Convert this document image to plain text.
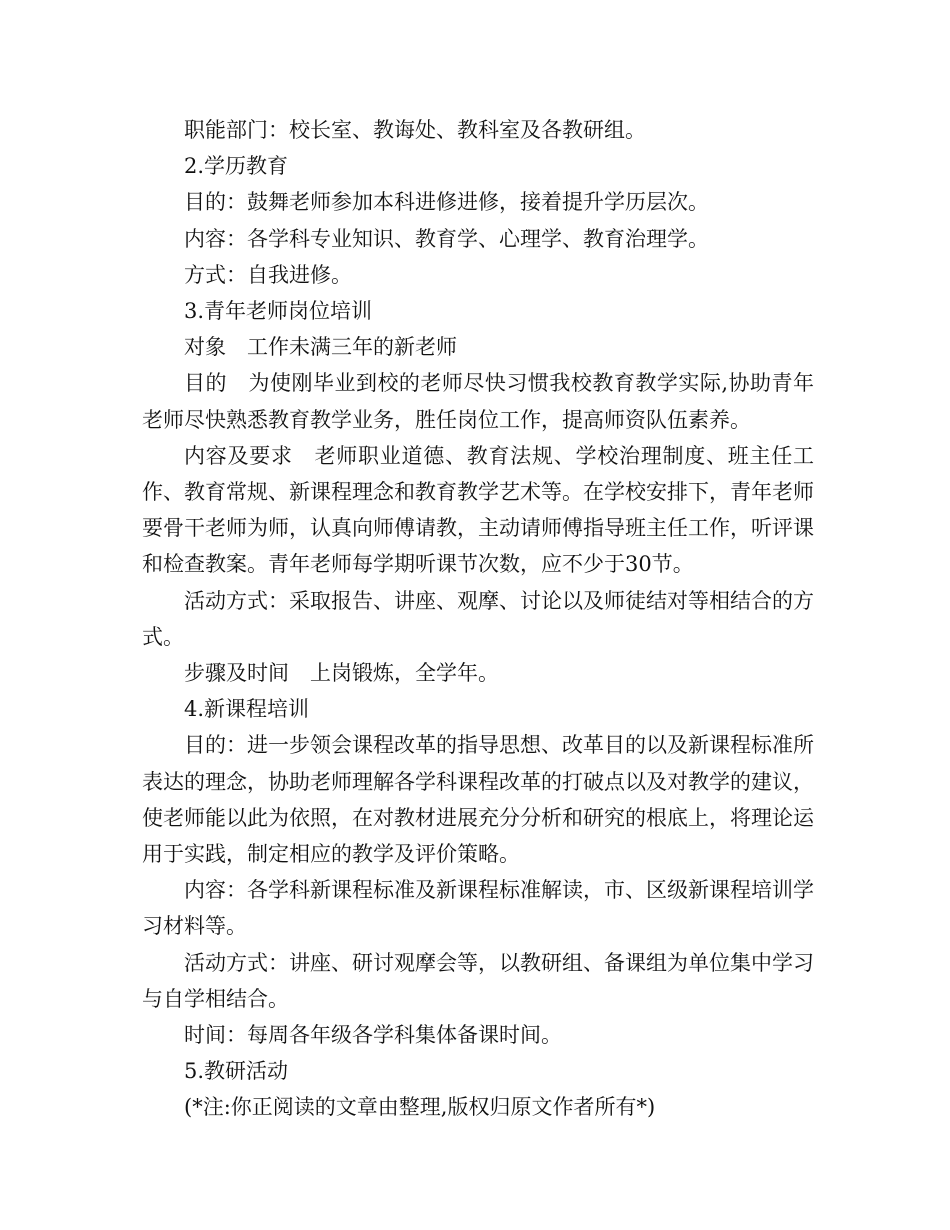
职能部门：校长室、教诲处、教科室及各教研组。

2.学历教育

目的：鼓舞老师参加本科进修进修，接着提升学历层次。

内容：各学科专业知识、教育学、心理学、教育治理学。

方式：自我进修。

3.青年老师岗位培训

对象　工作未满三年的新老师

目的　为使刚毕业到校的老师尽快习惯我校教育教学实际,协助青年老师尽快熟悉教育教学业务，胜任岗位工作，提高师资队伍素养。

内容及要求　老师职业道德、教育法规、学校治理制度、班主任工作、教育常规、新课程理念和教育教学艺术等。在学校安排下，青年老师要骨干老师为师，认真向师傅请教，主动请师傅指导班主任工作，听评课和检查教案。青年老师每学期听课节次数，应不少于30节。

活动方式：采取报告、讲座、观摩、讨论以及师徒结对等相结合的方式。

步骤及时间　上岗锻炼，全学年。

4.新课程培训

目的：进一步领会课程改革的指导思想、改革目的以及新课程标准所表达的理念，协助老师理解各学科课程改革的打破点以及对教学的建议，使老师能以此为依照，在对教材进展充分分析和研究的根底上，将理论运用于实践，制定相应的教学及评价策略。

内容：各学科新课程标准及新课程标准解读，市、区级新课程培训学习材料等。

活动方式：讲座、研讨观摩会等，以教研组、备课组为单位集中学习与自学相结合。

时间：每周各年级各学科集体备课时间。

5.教研活动

(*注:你正阅读的文章由整理,版权归原文作者所有*)
